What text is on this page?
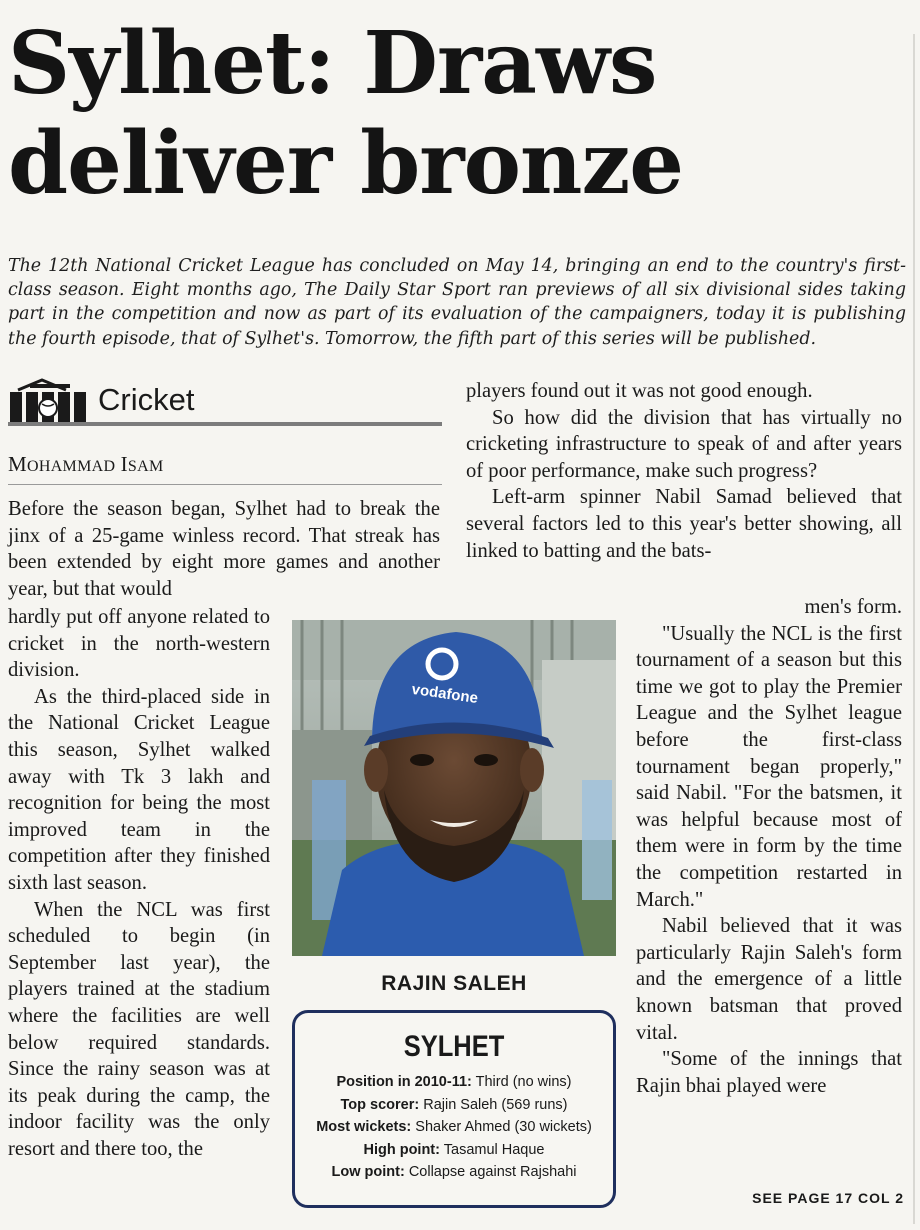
Sylhet: Draws
deliver bronze

The 12th National Cricket League has concluded on May 14, bringing an end to the country's first-class season. Eight months ago, The Daily Star Sport ran previews of all six divisional sides taking part in the competition and now as part of its evaluation of the campaigners, today it is publishing the fourth episode, that of Sylhet's. Tomorrow, the fifth part of this series will be published.

Cricket
MOHAMMAD ISAM

Before the season began, Sylhet had to break the jinx of a 25-game winless record. That streak has been extended by eight more games and another year, but that would

hardly put off anyone related to cricket in the north-western division.

As the third-placed side in the National Cricket League this season, Sylhet walked away with Tk 3 lakh and recognition for being the most improved team in the competition after they finished sixth last season.

When the NCL was first scheduled to begin (in September last year), the players trained at the stadium where the facilities are well below required standards. Since the rainy season was at its peak during the camp, the indoor facility was the only resort and there too, the

players found out it was not good enough.

So how did the division that has virtually no cricketing infrastructure to speak of and after years of poor performance, make such progress?

Left-arm spinner Nabil Samad believed that several factors led to this year's better showing, all linked to batting and the bats-

men's form.

"Usually the NCL is the first tournament of a season but this time we got to play the Premier League and the Sylhet league before the first-class tournament began properly," said Nabil. "For the batsmen, it was helpful because most of them were in form by the time the competition restarted in March."

Nabil believed that it was particularly Rajin Saleh's form and the emergence of a little known batsman that proved vital.

"Some of the innings that Rajin bhai played were

vodafone
RAJIN SALEH
SYLHET
Position in 2010-11: Third (no wins)
Top scorer: Rajin Saleh (569 runs)
Most wickets: Shaker Ahmed (30 wickets)
High point: Tasamul Haque
Low point: Collapse against Rajshahi
SEE PAGE 17 COL 2
